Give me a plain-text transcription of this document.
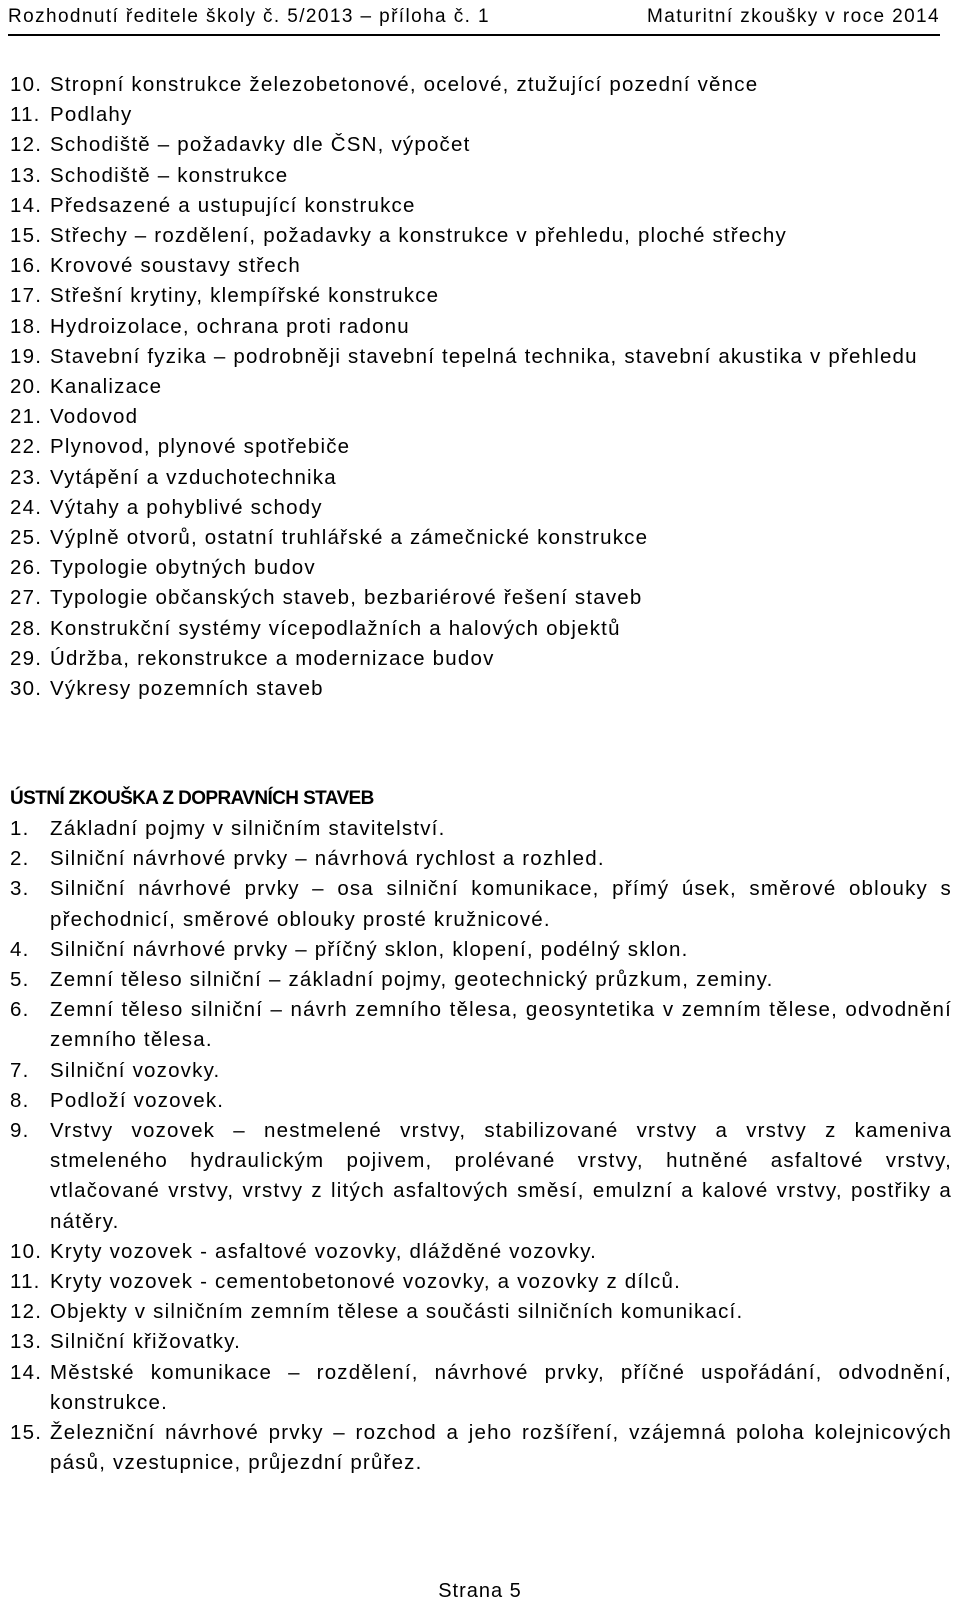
Rozhodnutí ředitele školy č. 5/2013 – příloha č. 1	Maturitní zkoušky v roce 2014
10. Stropní konstrukce železobetonové, ocelové, ztužující pozední věnce
11. Podlahy
12. Schodiště – požadavky dle ČSN, výpočet
13. Schodiště – konstrukce
14. Předsazené a ustupující konstrukce
15. Střechy – rozdělení, požadavky a konstrukce v přehledu, ploché střechy
16. Krovové soustavy střech
17. Střešní krytiny, klempířské konstrukce
18. Hydroizolace, ochrana proti radonu
19. Stavební fyzika – podrobněji stavební tepelná technika, stavební akustika v přehledu
20. Kanalizace
21. Vodovod
22. Plynovod, plynové spotřebiče
23. Vytápění a vzduchotechnika
24. Výtahy a pohyblivé schody
25. Výplně otvorů, ostatní truhlářské a zámečnické konstrukce
26. Typologie obytných budov
27. Typologie občanských staveb, bezbariérové řešení staveb
28. Konstrukční systémy vícepodlažních a halových objektů
29. Údržba, rekonstrukce a modernizace budov
30. Výkresy pozemních staveb
ÚSTNÍ ZKOUŠKA Z DOPRAVNÍCH STAVEB
1. Základní pojmy v silničním stavitelství.
2. Silniční návrhové prvky – návrhová rychlost a rozhled.
3. Silniční návrhové prvky – osa silniční komunikace, přímý úsek, směrové oblouky s přechodnicí, směrové oblouky prosté kružnicové.
4. Silniční návrhové prvky – příčný sklon, klopení, podélný sklon.
5. Zemní těleso silniční – základní pojmy, geotechnický průzkum, zeminy.
6. Zemní těleso silniční – návrh zemního tělesa, geosyntetika v zemním tělese, odvodnění zemního tělesa.
7. Silniční vozovky.
8. Podloží vozovek.
9. Vrstvy vozovek – nestmelené vrstvy, stabilizované vrstvy a vrstvy z kameniva stmeleného hydraulickým pojivem, prolévané vrstvy, hutněné asfaltové vrstvy, vtlačované vrstvy, vrstvy z litých asfaltových směsí, emulzní a kalové vrstvy, postřiky a nátěry.
10. Kryty vozovek - asfaltové vozovky, dlážděné vozovky.
11. Kryty vozovek - cementobetonové vozovky, a vozovky z dílců.
12. Objekty v silničním zemním tělese a součásti silničních komunikací.
13. Silniční křižovatky.
14. Městské komunikace – rozdělení, návrhové prvky, příčné uspořádání, odvodnění, konstrukce.
15. Železniční návrhové prvky – rozchod a jeho rozšíření, vzájemná poloha kolejnicových pásů, vzestupnice, průjezdní průřez.
Strana 5
